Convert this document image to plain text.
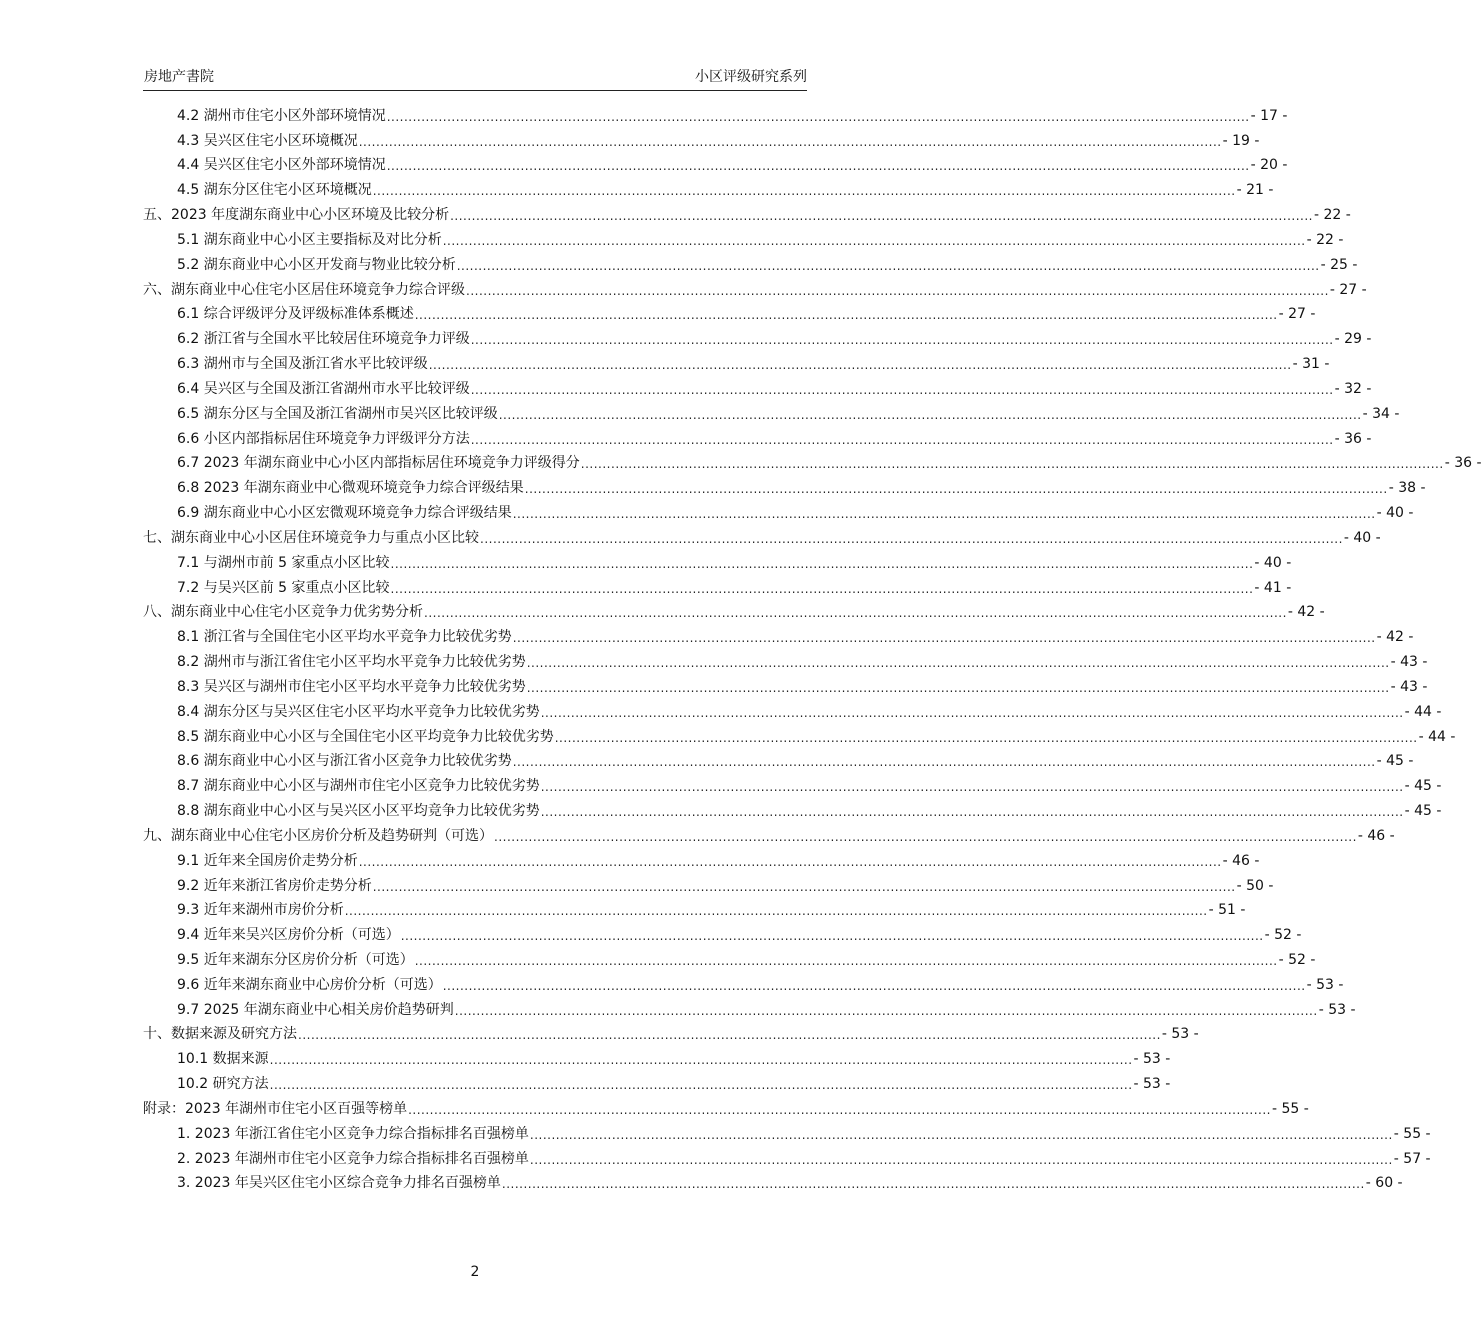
房地产書院	小区评级研究系列
4.2 湖州市住宅小区外部环境情况 ........................................................................................................................................................................................................ - 17 -
4.3 吴兴区住宅小区环境概况 ........................................................................................................................................................................................................ - 19 -
4.4 吴兴区住宅小区外部环境情况 ........................................................................................................................................................................................................ - 20 -
4.5 湖东分区住宅小区环境概况 ........................................................................................................................................................................................................ - 21 -
五、2023 年度湖东商业中心小区环境及比较分析 ........................................................................................................................................................................................................ - 22 -
5.1 湖东商业中心小区主要指标及对比分析 ........................................................................................................................................................................................................ - 22 -
5.2 湖东商业中心小区开发商与物业比较分析 ........................................................................................................................................................................................................ - 25 -
六、湖东商业中心住宅小区居住环境竞争力综合评级 ........................................................................................................................................................................................................ - 27 -
6.1 综合评级评分及评级标准体系概述 ........................................................................................................................................................................................................ - 27 -
6.2 浙江省与全国水平比较居住环境竞争力评级 ........................................................................................................................................................................................................ - 29 -
6.3 湖州市与全国及浙江省水平比较评级 ........................................................................................................................................................................................................ - 31 -
6.4 吴兴区与全国及浙江省湖州市水平比较评级 ........................................................................................................................................................................................................ - 32 -
6.5 湖东分区与全国及浙江省湖州市吴兴区比较评级 ........................................................................................................................................................................................................ - 34 -
6.6 小区内部指标居住环境竞争力评级评分方法 ........................................................................................................................................................................................................ - 36 -
6.7 2023 年湖东商业中心小区内部指标居住环境竞争力评级得分 ........................................................................................................................................................................................................ - 36 -
6.8 2023 年湖东商业中心微观环境竞争力综合评级结果 ........................................................................................................................................................................................................ - 38 -
6.9 湖东商业中心小区宏微观环境竞争力综合评级结果 ........................................................................................................................................................................................................ - 40 -
七、湖东商业中心小区居住环境竞争力与重点小区比较 ........................................................................................................................................................................................................ - 40 -
7.1 与湖州市前 5 家重点小区比较 ........................................................................................................................................................................................................ - 40 -
7.2 与吴兴区前 5 家重点小区比较 ........................................................................................................................................................................................................ - 41 -
八、湖东商业中心住宅小区竞争力优劣势分析 ........................................................................................................................................................................................................ - 42 -
8.1 浙江省与全国住宅小区平均水平竞争力比较优劣势 ........................................................................................................................................................................................................ - 42 -
8.2 湖州市与浙江省住宅小区平均水平竞争力比较优劣势 ........................................................................................................................................................................................................ - 43 -
8.3 吴兴区与湖州市住宅小区平均水平竞争力比较优劣势 ........................................................................................................................................................................................................ - 43 -
8.4 湖东分区与吴兴区住宅小区平均水平竞争力比较优劣势 ........................................................................................................................................................................................................ - 44 -
8.5 湖东商业中心小区与全国住宅小区平均竞争力比较优劣势 ........................................................................................................................................................................................................ - 44 -
8.6 湖东商业中心小区与浙江省小区竞争力比较优劣势 ........................................................................................................................................................................................................ - 45 -
8.7 湖东商业中心小区与湖州市住宅小区竞争力比较优劣势 ........................................................................................................................................................................................................ - 45 -
8.8 湖东商业中心小区与吴兴区小区平均竞争力比较优劣势 ........................................................................................................................................................................................................ - 45 -
九、湖东商业中心住宅小区房价分析及趋势研判（可选） ........................................................................................................................................................................................................ - 46 -
9.1 近年来全国房价走势分析 ........................................................................................................................................................................................................ - 46 -
9.2 近年来浙江省房价走势分析 ........................................................................................................................................................................................................ - 50 -
9.3 近年来湖州市房价分析 ........................................................................................................................................................................................................ - 51 -
9.4 近年来吴兴区房价分析（可选） ........................................................................................................................................................................................................ - 52 -
9.5 近年来湖东分区房价分析（可选） ........................................................................................................................................................................................................ - 52 -
9.6 近年来湖东商业中心房价分析（可选） ........................................................................................................................................................................................................ - 53 -
9.7 2025 年湖东商业中心相关房价趋势研判 ........................................................................................................................................................................................................ - 53 -
十、数据来源及研究方法 ........................................................................................................................................................................................................ - 53 -
10.1 数据来源 ........................................................................................................................................................................................................ - 53 -
10.2 研究方法 ........................................................................................................................................................................................................ - 53 -
附录：2023 年湖州市住宅小区百强等榜单 ........................................................................................................................................................................................................ - 55 -
1. 2023 年浙江省住宅小区竞争力综合指标排名百强榜单 ........................................................................................................................................................................................................ - 55 -
2. 2023 年湖州市住宅小区竞争力综合指标排名百强榜单 ........................................................................................................................................................................................................ - 57 -
3. 2023 年吴兴区住宅小区综合竞争力排名百强榜单 ........................................................................................................................................................................................................ - 60 -
2
